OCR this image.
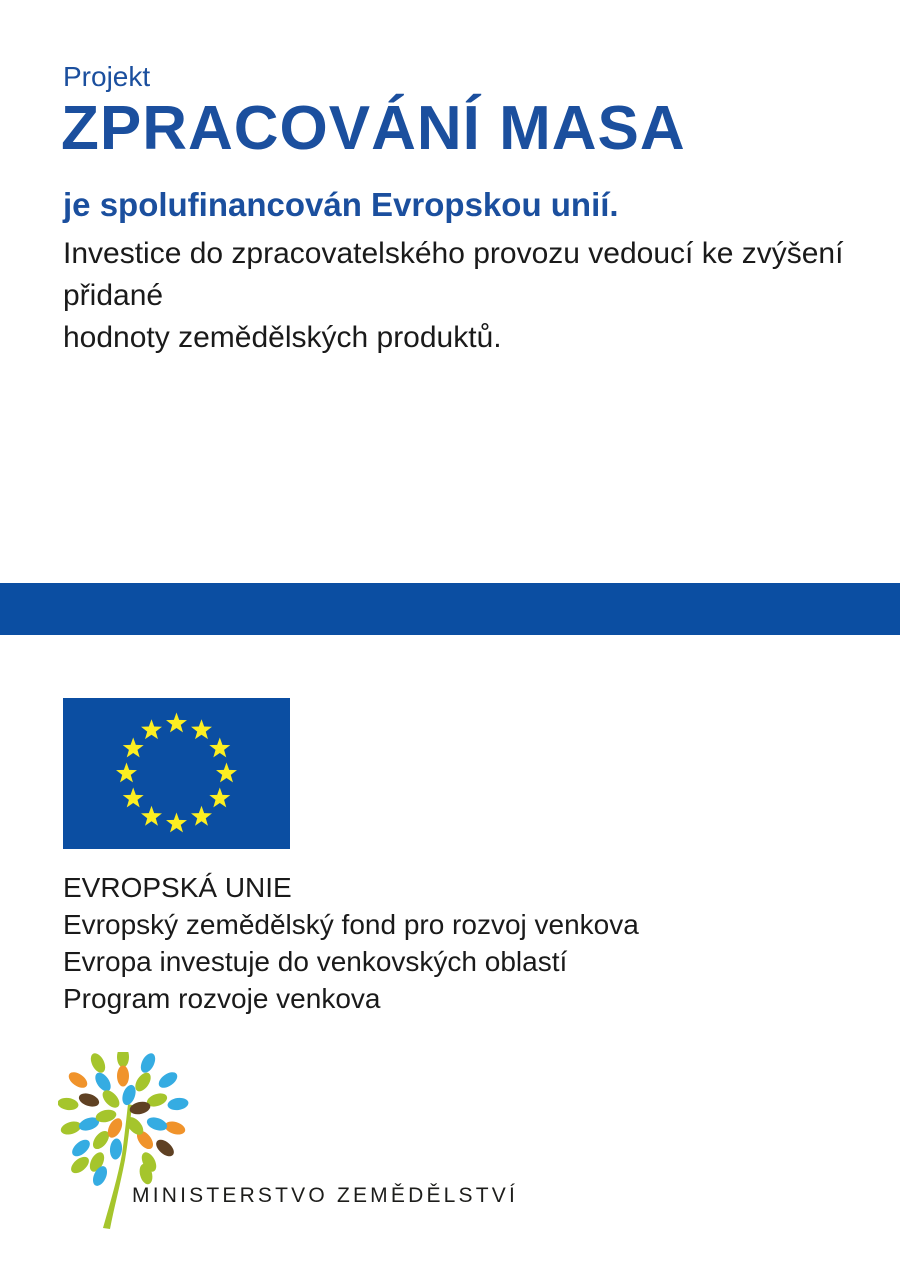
Projekt
ZPRACOVÁNÍ MASA
je spolufinancován Evropskou unií.
Investice do zpracovatelského provozu vedoucí ke zvýšení přidané
hodnoty zemědělských produktů.
EVROPSKÁ UNIE
Evropský zemědělský fond pro rozvoj venkova
Evropa investuje do venkovských oblastí
Program rozvoje venkova
MINISTERSTVO ZEMĚDĚLSTVÍ
